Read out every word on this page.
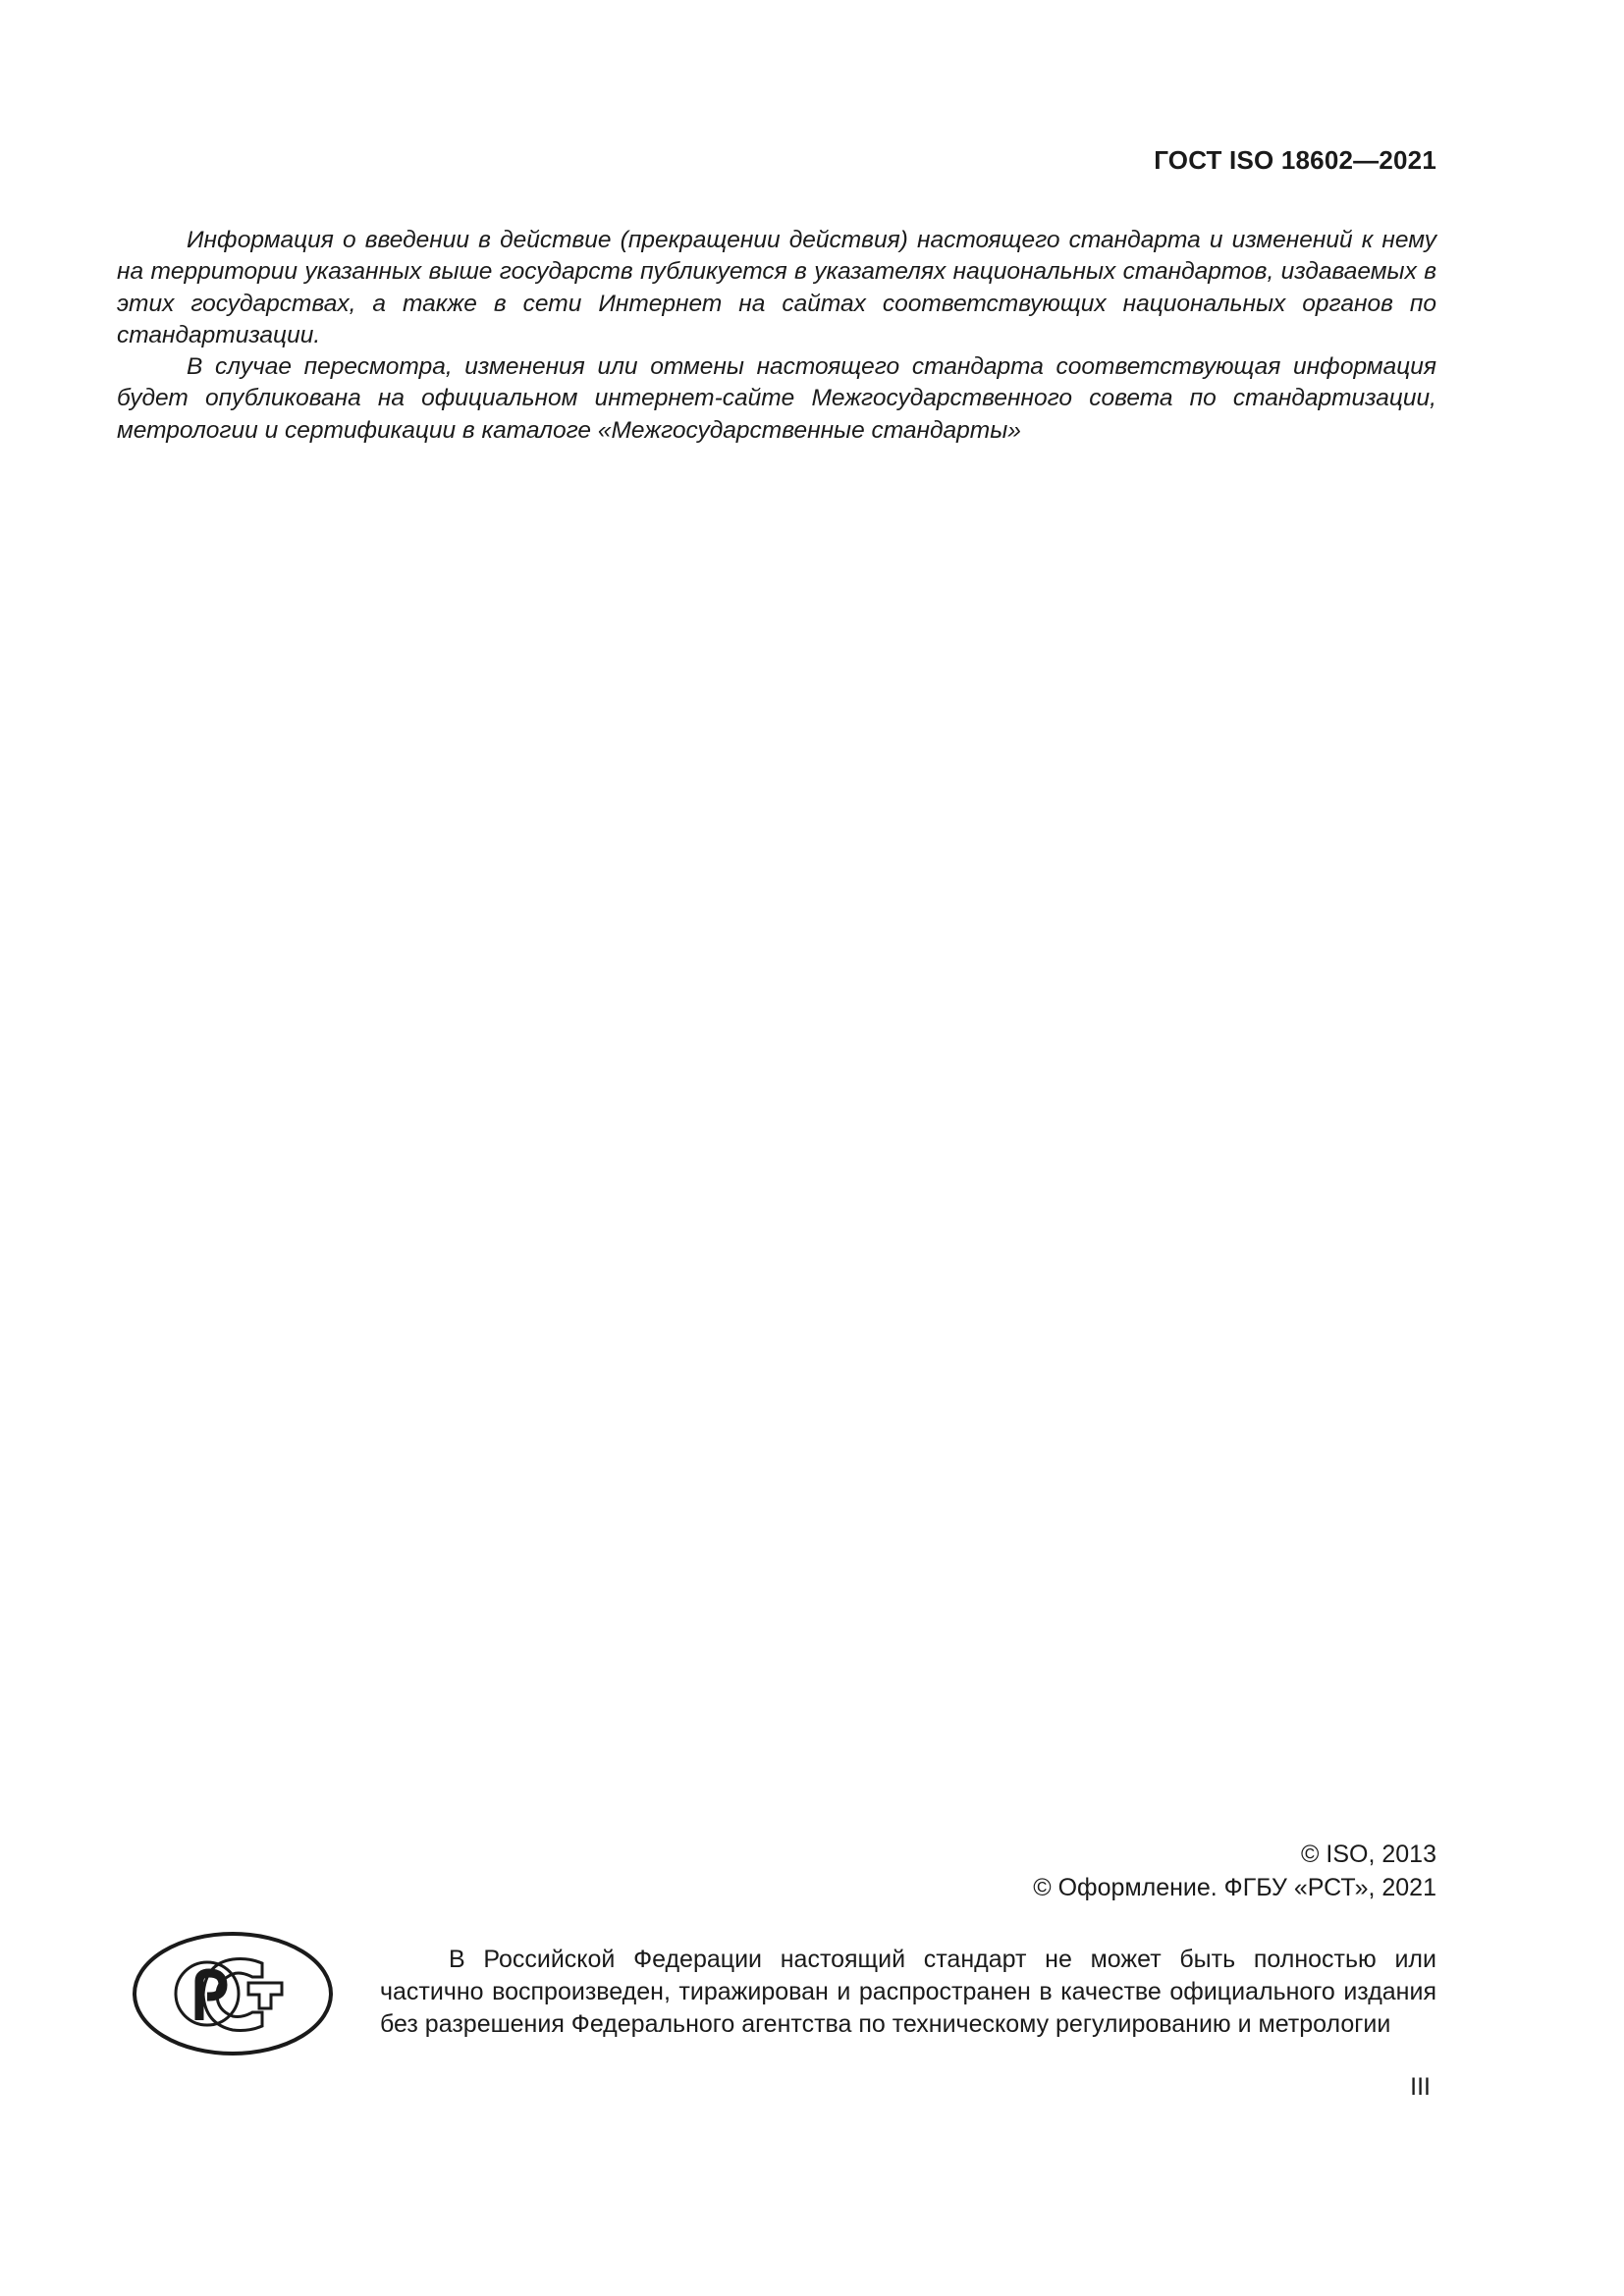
ГОСТ ISO 18602—2021

Информация о введении в действие (прекращении действия) настоящего стандарта и изменений к нему на территории указанных выше государств публикуется в указателях национальных стандартов, издаваемых в этих государствах, а также в сети Интернет на сайтах соответствующих национальных органов по стандартизации.

В случае пересмотра, изменения или отмены настоящего стандарта соответствующая информация будет опубликована на официальном интернет-сайте Межгосударственного совета по стандартизации, метрологии и сертификации в каталоге «Межгосударственные стандарты»

© ISO, 2013
© Оформление. ФГБУ «РСТ», 2021

В Российской Федерации настоящий стандарт не может быть полностью или частично воспроизведен, тиражирован и распространен в качестве официального издания без разрешения Федерального агентства по техническому регулированию и метрологии

III
